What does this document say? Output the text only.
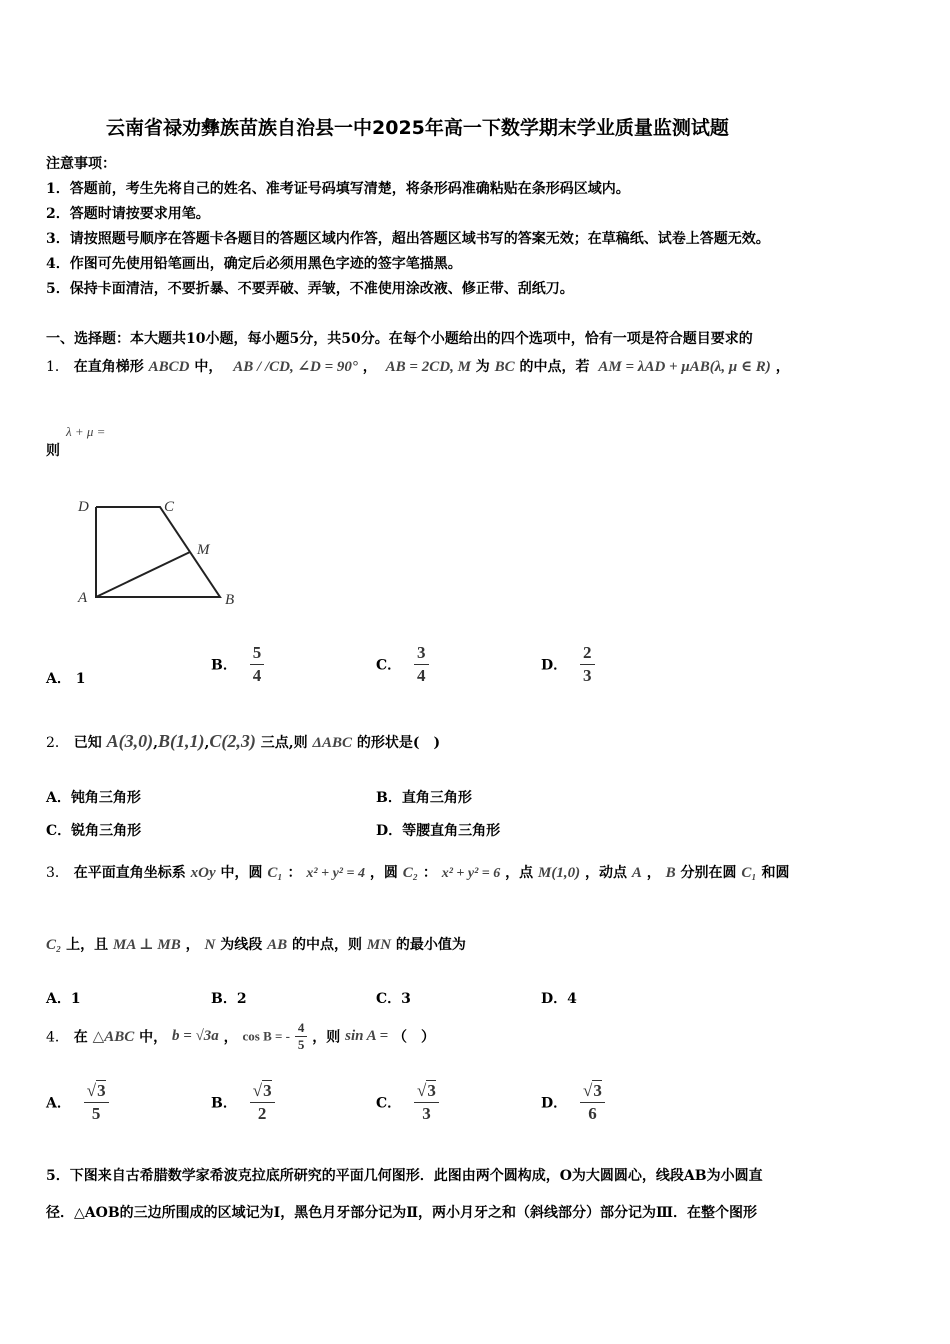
云南省禄劝彝族苗族自治县一中2025年高一下数学期末学业质量监测试题
注意事项：
1．答题前，考生先将自己的姓名、准考证号码填写清楚，将条形码准确粘贴在条形码区域内。
2．答题时请按要求用笔。
3．请按照题号顺序在答题卡各题目的答题区域内作答，超出答题区域书写的答案无效；在草稿纸、试卷上答题无效。
4．作图可先使用铅笔画出，确定后必须用黑色字迹的签字笔描黑。
5．保持卡面清洁，不要折暴、不要弄破、弄皱，不准使用涂改液、修正带、刮纸刀。
一、选择题：本大题共10小题，每小题5分，共50分。在每个小题给出的四个选项中，恰有一项是符合题目要求的
1． 在直角梯形 ABCD 中， AB / /CD, ∠D = 90° ， AB = 2CD, M 为 BC 的中点，若 AM = λAD + μAB(λ, μ ∈ R) ，
则
λ + μ =
D	C
M
A	B
A． 1
B． $\frac{5}{4}$	C． $\frac{3}{4}$	D． $\frac{2}{3}$
2． 已知 A(3,0),B(1,1),C(2,3) 三点,则 ΔABC 的形状是(　)
A．钝角三角形	B．直角三角形
C．锐角三角形	D．等腰直角三角形
3． 在平面直角坐标系 xOy 中，圆 C₁ ： x² + y² = 4 ，圆 C₂ ： x² + y² = 6 ，点 M(1,0) ，动点 A ， B 分别在圆 C₁ 和圆
C₂ 上，且 MA ⊥ MB ， N 为线段 AB 的中点，则 MN 的最小值为
A．1	B．2	C．3	D．4
4． 在 △ABC 中， b = √3a ， cos B = - $\frac{4}{5}$ ，则 sin A = （　）
A． $\frac{√3}{5}$	B． $\frac{√3}{2}$	C． $\frac{√3}{3}$	D． $\frac{√3}{6}$
5．下图来自古希腊数学家希波克拉底所研究的平面几何图形．此图由两个圆构成，O为大圆圆心，线段AB为小圆直
径．△AOB的三边所围成的区域记为Ⅰ，黑色月牙部分记为Ⅱ，两小月牙之和（斜线部分）部分记为Ⅲ．在整个图形
